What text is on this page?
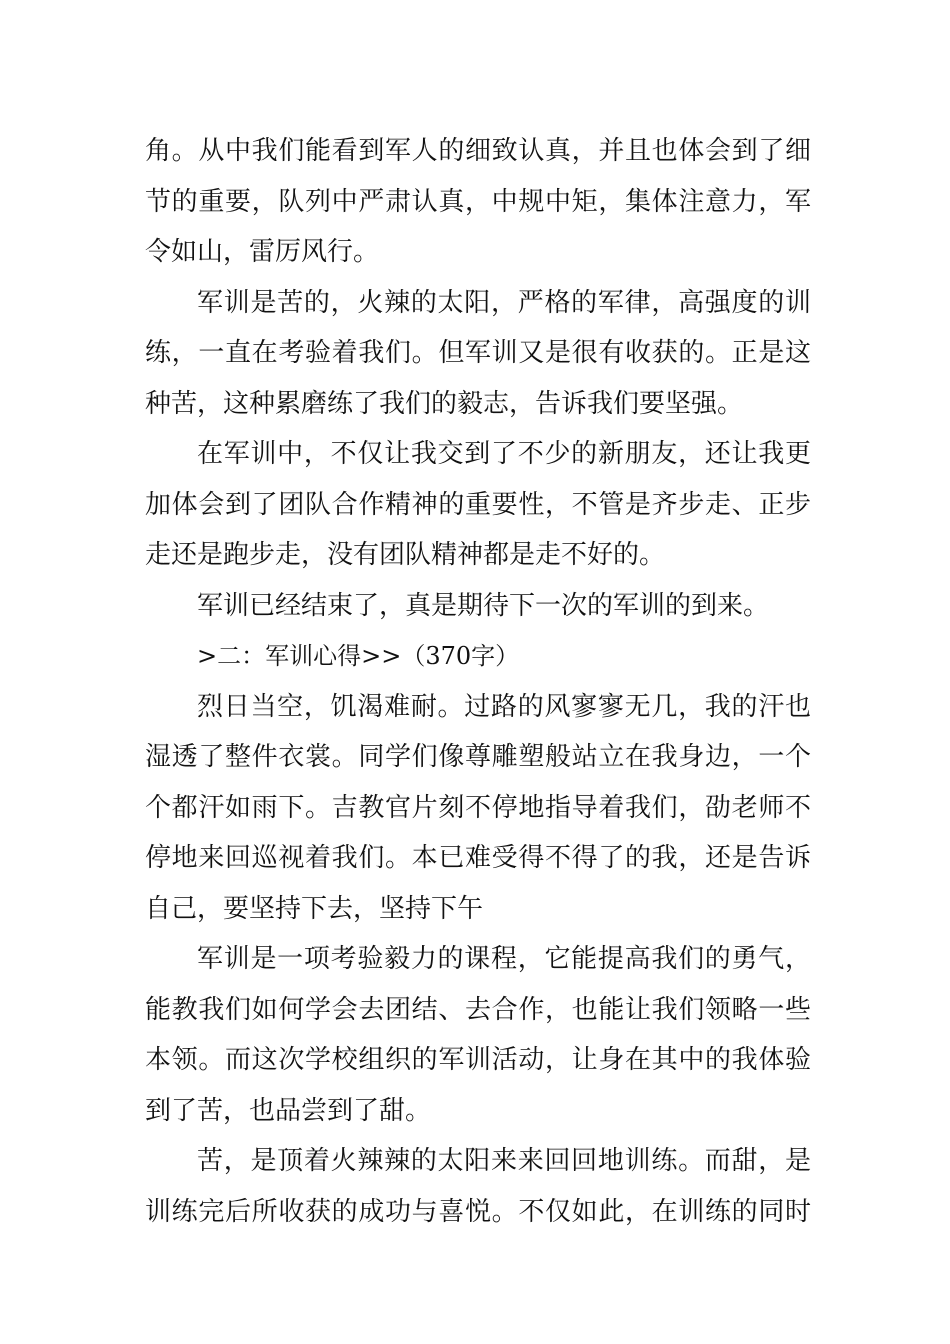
角。从中我们能看到军人的细致认真，并且也体会到了细
节的重要，队列中严肃认真，中规中矩，集体注意力，军
令如山，雷厉风行。
军训是苦的，火辣的太阳，严格的军律，高强度的训
练，一直在考验着我们。但军训又是很有收获的。正是这
种苦，这种累磨练了我们的毅志，告诉我们要坚强。
在军训中，不仅让我交到了不少的新朋友，还让我更
加体会到了团队合作精神的重要性，不管是齐步走、正步
走还是跑步走，没有团队精神都是走不好的。
军训已经结束了，真是期待下一次的军训的到来。
>二：军训心得>>（370字）
烈日当空，饥渴难耐。过路的风寥寥无几，我的汗也
湿透了整件衣裳。同学们像尊雕塑般站立在我身边，一个
个都汗如雨下。吉教官片刻不停地指导着我们，劭老师不
停地来回巡视着我们。本已难受得不得了的我，还是告诉
自己，要坚持下去，坚持下午
军训是一项考验毅力的课程，它能提高我们的勇气，
能教我们如何学会去团结、去合作，也能让我们领略一些
本领。而这次学校组织的军训活动，让身在其中的我体验
到了苦，也品尝到了甜。
苦，是顶着火辣辣的太阳来来回回地训练。而甜，是
训练完后所收获的成功与喜悦。不仅如此，在训练的同时
